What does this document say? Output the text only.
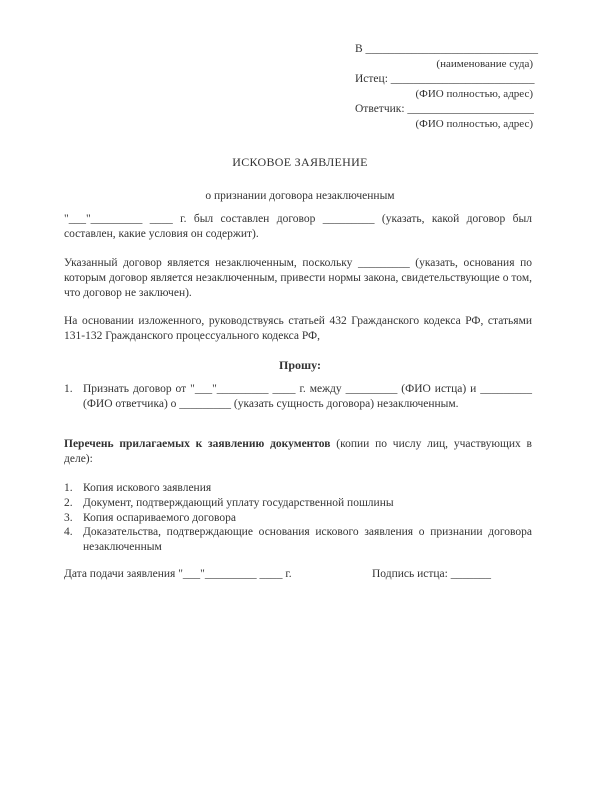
В ______________________________
(наименование суда)
Истец: _________________________
(ФИО полностью, адрес)
Ответчик: ______________________
(ФИО полностью, адрес)
ИСКОВОЕ ЗАЯВЛЕНИЕ
о признании договора незаключенным

"___"_________ ____ г. был составлен договор _________ (указать, какой договор был составлен, какие условия он содержит).

Указанный договор является незаключенным, поскольку _________ (указать, основания по которым договор является незаключенным, привести нормы закона, свидетельствующие о том, что договор не заключен).

На основании изложенного, руководствуясь статьей 432 Гражданского кодекса РФ, статьями 131-132 Гражданского процессуального кодекса РФ,

Прошу:
1. Признать договор от "___"_________ ____ г. между _________ (ФИО истца) и _________ (ФИО ответчика) о _________ (указать сущность договора) незаключенным.

Перечень прилагаемых к заявлению документов (копии по числу лиц, участвующих в деле):

1. Копия искового заявления
2. Документ, подтверждающий уплату государственной пошлины
3. Копия оспариваемого договора
4. Доказательства, подтверждающие основания искового заявления о признании договора незаключенным
Дата подачи заявления "___"_________ ____ г.	Подпись истца: _______
